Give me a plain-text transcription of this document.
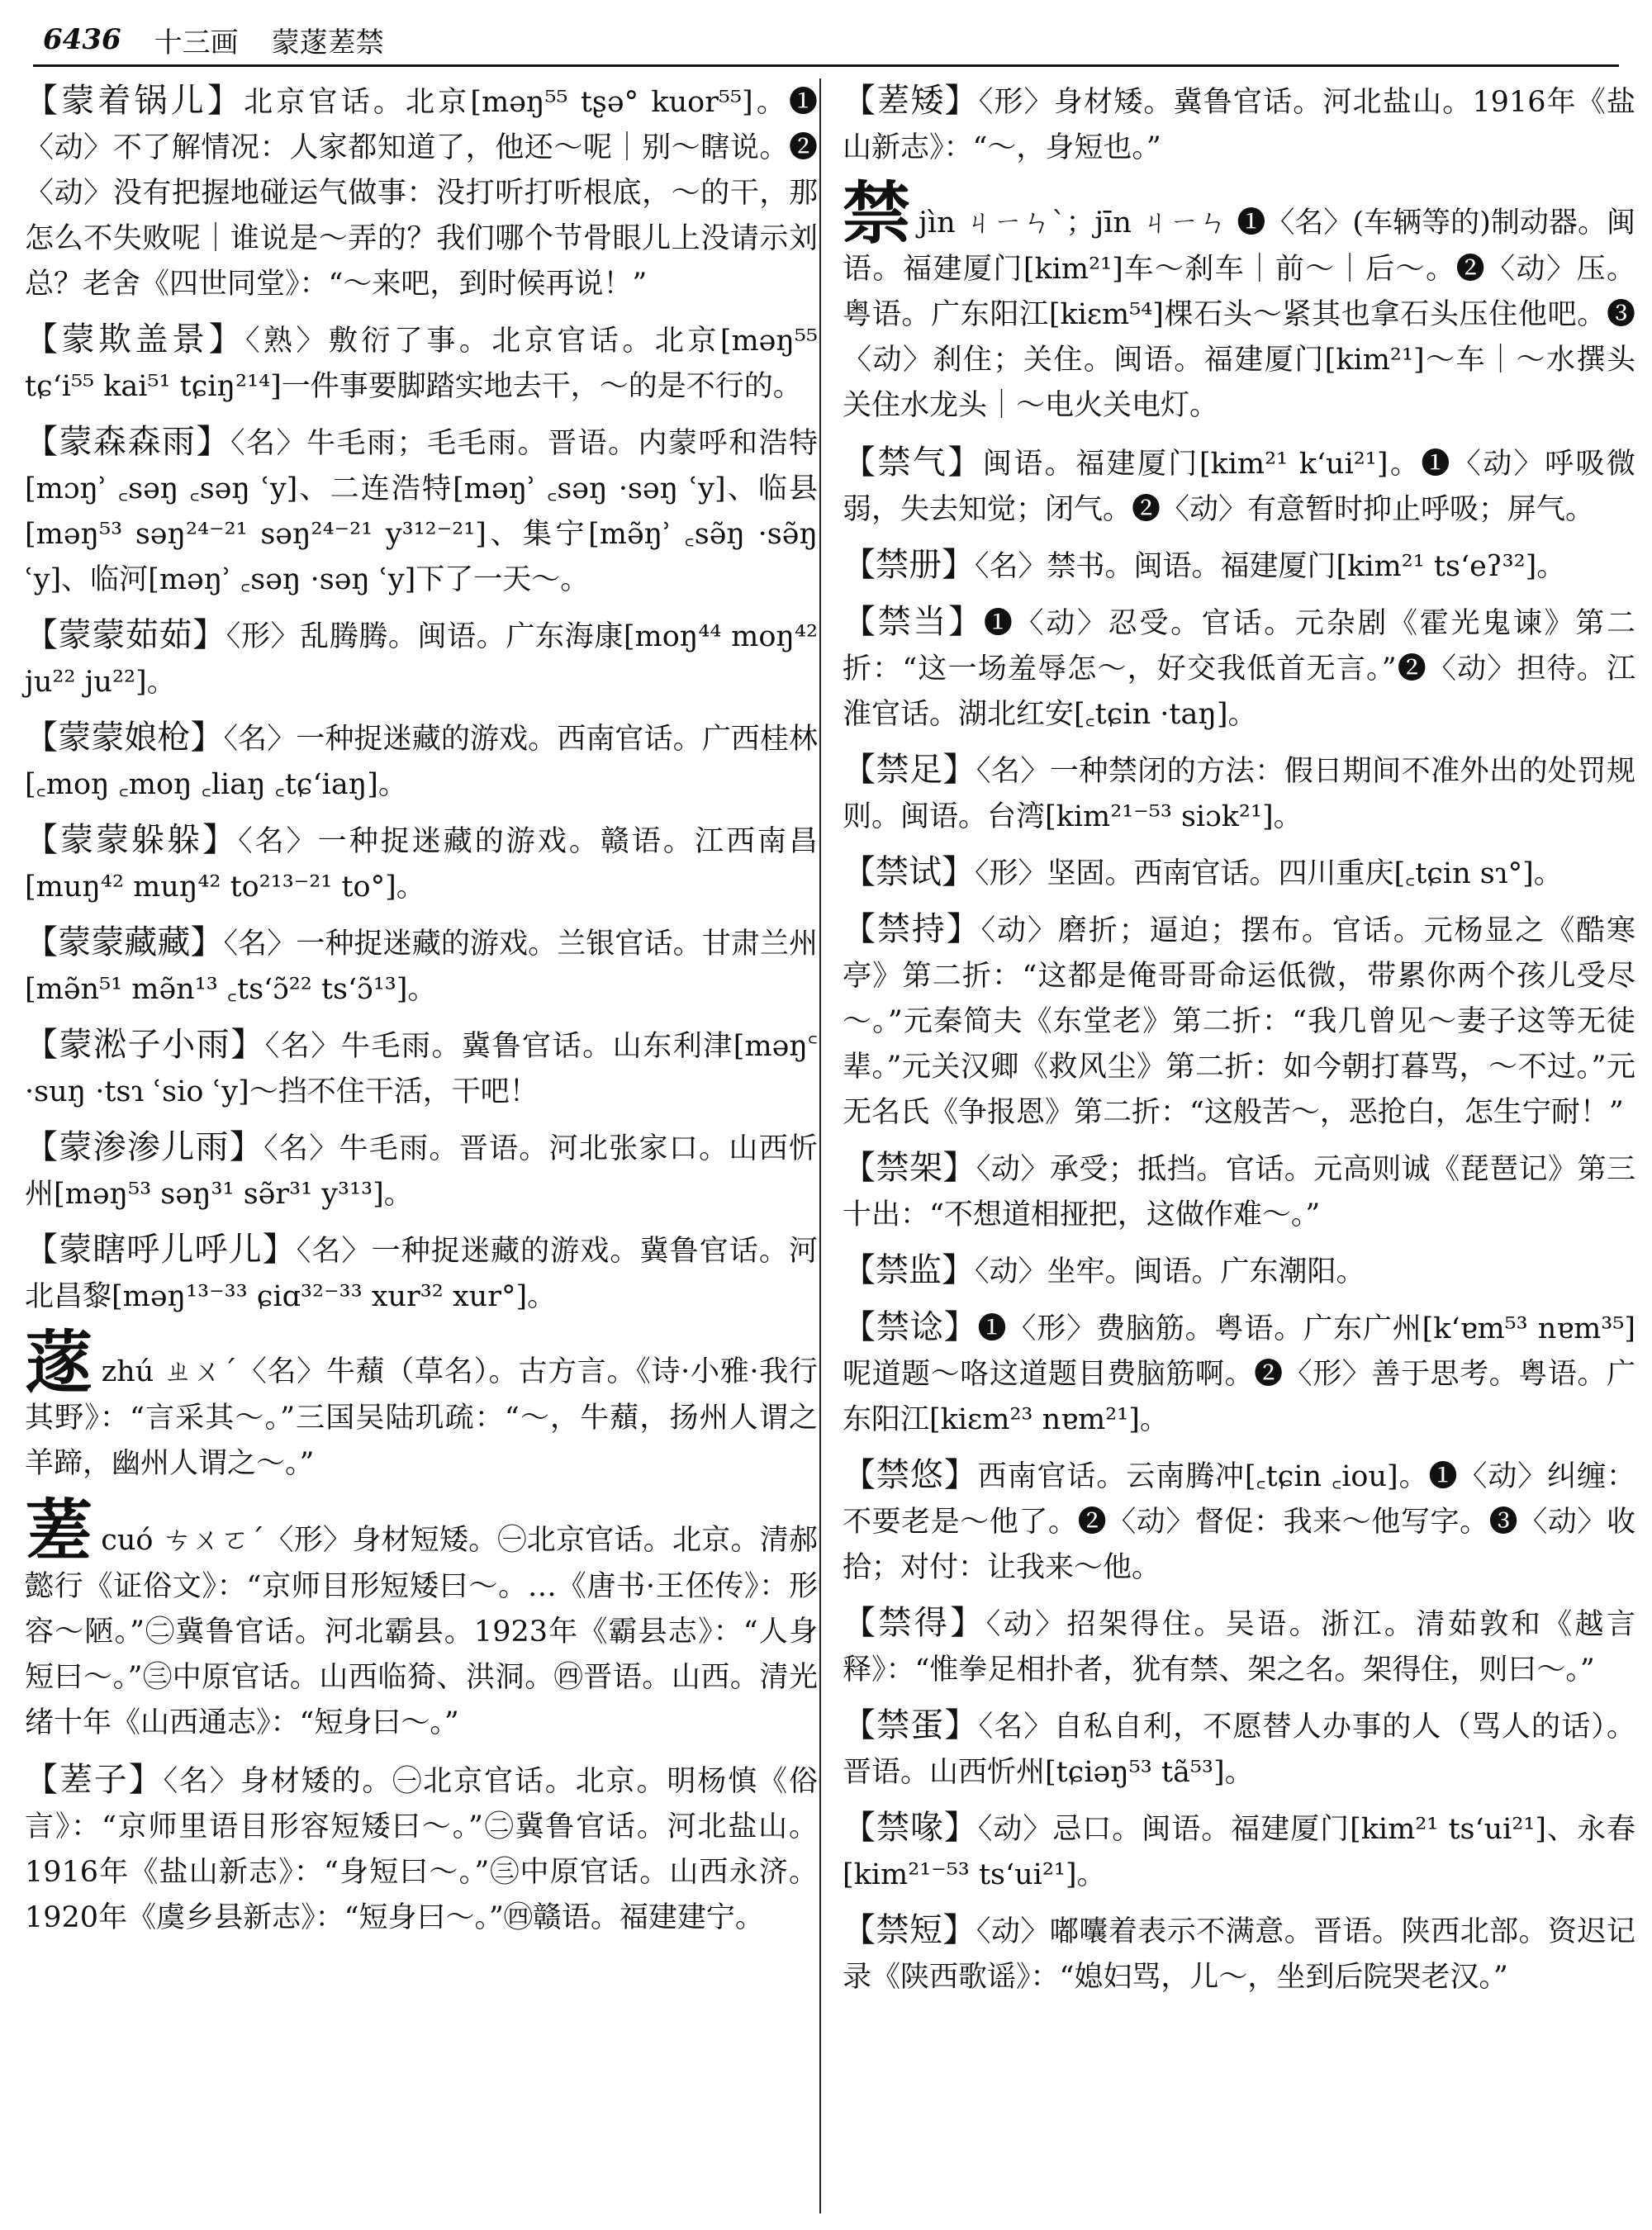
6436 十三画 蒙蓫蒫禁
【蒙着锅儿】北京官话。北京[məŋ⁵⁵ tʂə° kuor⁵⁵]。❶〈动〉不了解情况：人家都知道了，他还～呢｜别～瞎说。❷〈动〉没有把握地碰运气做事：没打听打听根底，～的干，那怎么不失败呢｜谁说是～弄的？我们哪个节骨眼儿上没请示刘总？老舍《四世同堂》：“～来吧，到时候再说！”
【蒙欺盖景】〈熟〉敷衍了事。北京官话。北京[məŋ⁵⁵ tɕʻi⁵⁵ kai⁵¹ tɕiŋ²¹⁴]一件事要脚踏实地去干，～的是不行的。
【蒙森森雨】〈名〉牛毛雨；毛毛雨。晋语。内蒙呼和浩特[mɔŋʾ ꜀səŋ ꜀səŋ ʿy]、二连浩特[məŋʾ ꜀səŋ ·səŋ ʿy]、临县[məŋ⁵³ səŋ²⁴⁻²¹ səŋ²⁴⁻²¹ y³¹²⁻²¹]、集宁[mə̃ŋʾ ꜀sə̃ŋ ·sə̃ŋ ʿy]、临河[məŋʾ ꜀səŋ ·səŋ ʿy]下了一天～。
【蒙蒙茹茹】〈形〉乱腾腾。闽语。广东海康[moŋ⁴⁴ moŋ⁴² ju²² ju²²]。
【蒙蒙娘枪】〈名〉一种捉迷藏的游戏。西南官话。广西桂林[꜀moŋ ꜀moŋ ꜀liaŋ ꜀tɕʻiaŋ]。
【蒙蒙躲躲】〈名〉一种捉迷藏的游戏。赣语。江西南昌[muŋ⁴² muŋ⁴² to²¹³⁻²¹ to°]。
【蒙蒙藏藏】〈名〉一种捉迷藏的游戏。兰银官话。甘肃兰州[mə̃n⁵¹ mə̃n¹³ ꜀tsʻɔ̃²² tsʻɔ̃¹³]。
【蒙淞子小雨】〈名〉牛毛雨。冀鲁官话。山东利津[məŋ꜂ ·suŋ ·tsɿ ʿsio ʿy]～挡不住干活，干吧！
【蒙渗渗儿雨】〈名〉牛毛雨。晋语。河北张家口。山西忻州[məŋ⁵³ səŋ³¹ sə̃r³¹ y³¹³]。
【蒙瞎呼儿呼儿】〈名〉一种捉迷藏的游戏。冀鲁官话。河北昌黎[məŋ¹³⁻³³ ɕiɑ³²⁻³³ xur³² xur°]。
蓫zhú ㄓㄨˊ〈名〉牛蘈（草名）。古方言。《诗·小雅·我行其野》：“言采其～。”三国吴陆玑疏：“～，牛蘈，扬州人谓之羊蹄，幽州人谓之～。”
蒫cuó ㄘㄨㄛˊ〈形〉身材短矮。㊀北京官话。北京。清郝懿行《证俗文》：“京师目形短矮曰～。…《唐书·王伾传》：形容～陋。”㊁冀鲁官话。河北霸县。1923年《霸县志》：“人身短曰～。”㊂中原官话。山西临猗、洪洞。㊃晋语。山西。清光绪十年《山西通志》：“短身曰～。”
【蒫子】〈名〉身材矮的。㊀北京官话。北京。明杨慎《俗言》：“京师里语目形容短矮曰～。”㊁冀鲁官话。河北盐山。1916年《盐山新志》：“身短曰～。”㊂中原官话。山西永济。1920年《虞乡县新志》：“短身曰～。”㊃赣语。福建建宁。
【蒫矮】〈形〉身材矮。冀鲁官话。河北盐山。1916年《盐山新志》：“～，身短也。”
禁jìn ㄐㄧㄣˋ；jīn ㄐㄧㄣ ❶〈名〉(车辆等的)制动器。闽语。福建厦门[kim²¹]车～刹车｜前～｜后～。❷〈动〉压。粤语。广东阳江[kiɛm⁵⁴]棵石头～紧其也拿石头压住他吧。❸〈动〉刹住；关住。闽语。福建厦门[kim²¹]～车｜～水撰头关住水龙头｜～电火关电灯。
【禁气】闽语。福建厦门[kim²¹ kʻui²¹]。❶〈动〉呼吸微弱，失去知觉；闭气。❷〈动〉有意暂时抑止呼吸；屏气。
【禁册】〈名〉禁书。闽语。福建厦门[kim²¹ tsʻeʔ³²]。
【禁当】❶〈动〉忍受。官话。元杂剧《霍光鬼谏》第二折：“这一场羞辱怎～，好交我低首无言。”❷〈动〉担待。江淮官话。湖北红安[꜀tɕin ·taŋ]。
【禁足】〈名〉一种禁闭的方法：假日期间不准外出的处罚规则。闽语。台湾[kim²¹⁻⁵³ siɔk²¹]。
【禁试】〈形〉坚固。西南官话。四川重庆[꜀tɕin sɿ°]。
【禁持】〈动〉磨折；逼迫；摆布。官话。元杨显之《酷寒亭》第二折：“这都是俺哥哥命运低微，带累你两个孩儿受尽～。”元秦简夫《东堂老》第二折：“我几曾见～妻子这等无徒辈。”元关汉卿《救风尘》第二折：如今朝打暮骂，～不过。”元无名氏《争报恩》第二折：“这般苦～，恶抢白，怎生宁耐！”
【禁架】〈动〉承受；抵挡。官话。元高则诚《琵琶记》第三十出：“不想道相挜把，这做作难～。”
【禁监】〈动〉坐牢。闽语。广东潮阳。
【禁谂】❶〈形〉费脑筋。粤语。广东广州[kʻɐm⁵³ nɐm³⁵]呢道题～咯这道题目费脑筋啊。❷〈形〉善于思考。粤语。广东阳江[kiɛm²³ nɐm²¹]。
【禁悠】西南官话。云南腾冲[꜀tɕin ꜀iou]。❶〈动〉纠缠：不要老是～他了。❷〈动〉督促：我来～他写字。❸〈动〉收拾；对付：让我来～他。
【禁得】〈动〉招架得住。吴语。浙江。清茹敦和《越言释》：“惟拳足相扑者，犹有禁、架之名。架得住，则曰～。”
【禁蛋】〈名〉自私自利，不愿替人办事的人（骂人的话）。晋语。山西忻州[tɕiəŋ⁵³ tã⁵³]。
【禁喙】〈动〉忌口。闽语。福建厦门[kim²¹ tsʻui²¹]、永春[kim²¹⁻⁵³ tsʻui²¹]。
【禁短】〈动〉嘟囔着表示不满意。晋语。陕西北部。资迟记录《陕西歌谣》：“媳妇骂，儿～，坐到后院哭老汉。”
